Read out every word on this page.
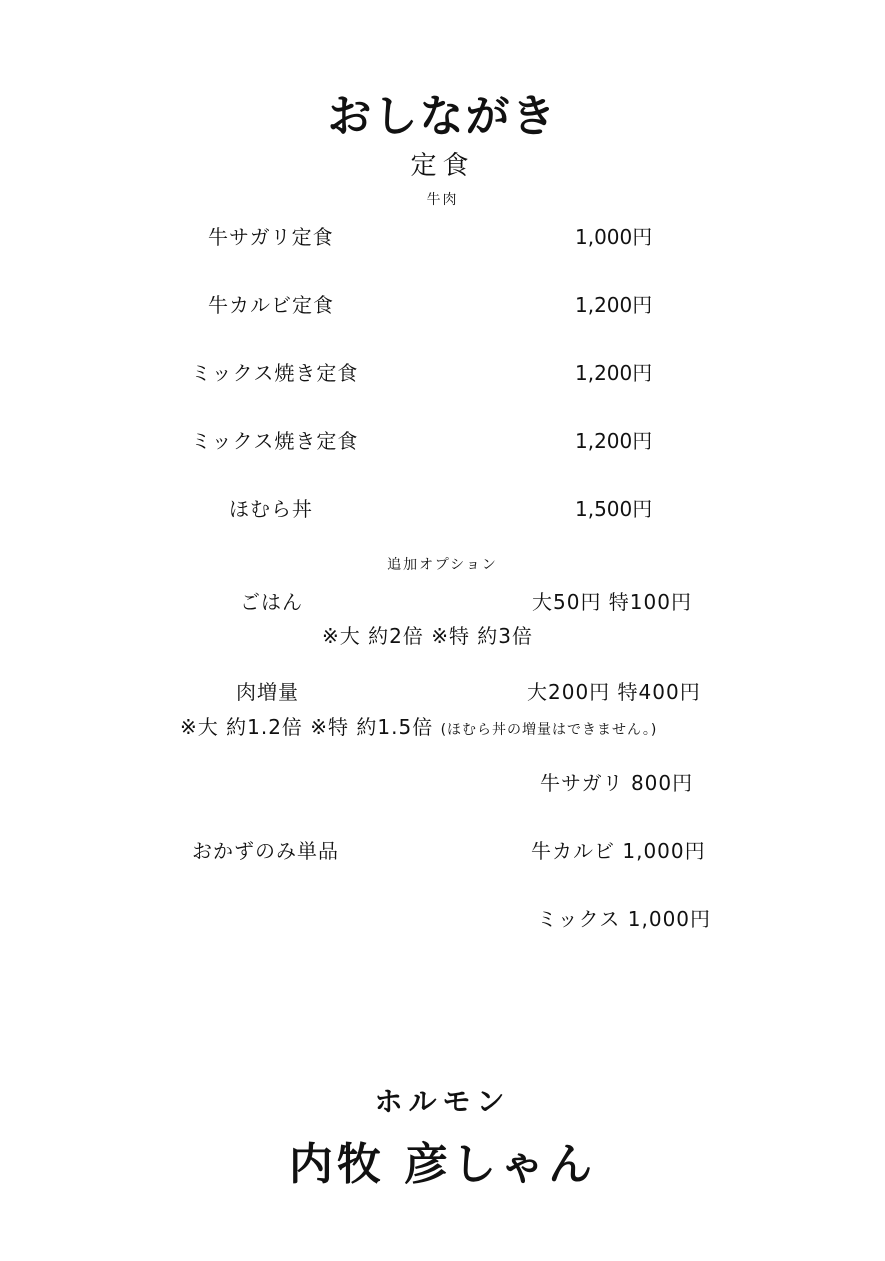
おしながき
定食
牛肉
牛サガリ定食	1,000円
牛カルビ定食	1,200円
ミックス焼き定食	1,200円
ミックス焼き定食	1,200円
ほむら丼	1,500円
追加オプション
ごはん	大50円 特100円
※大 約2倍 ※特 約3倍
肉増量	大200円 特400円
※大 約1.2倍 ※特 約1.5倍 (ほむら丼の増量はできません。)
牛サガリ 800円
おかずのみ単品	牛カルビ 1,000円
ミックス 1,000円
ホルモン
内牧 彦しゃん
